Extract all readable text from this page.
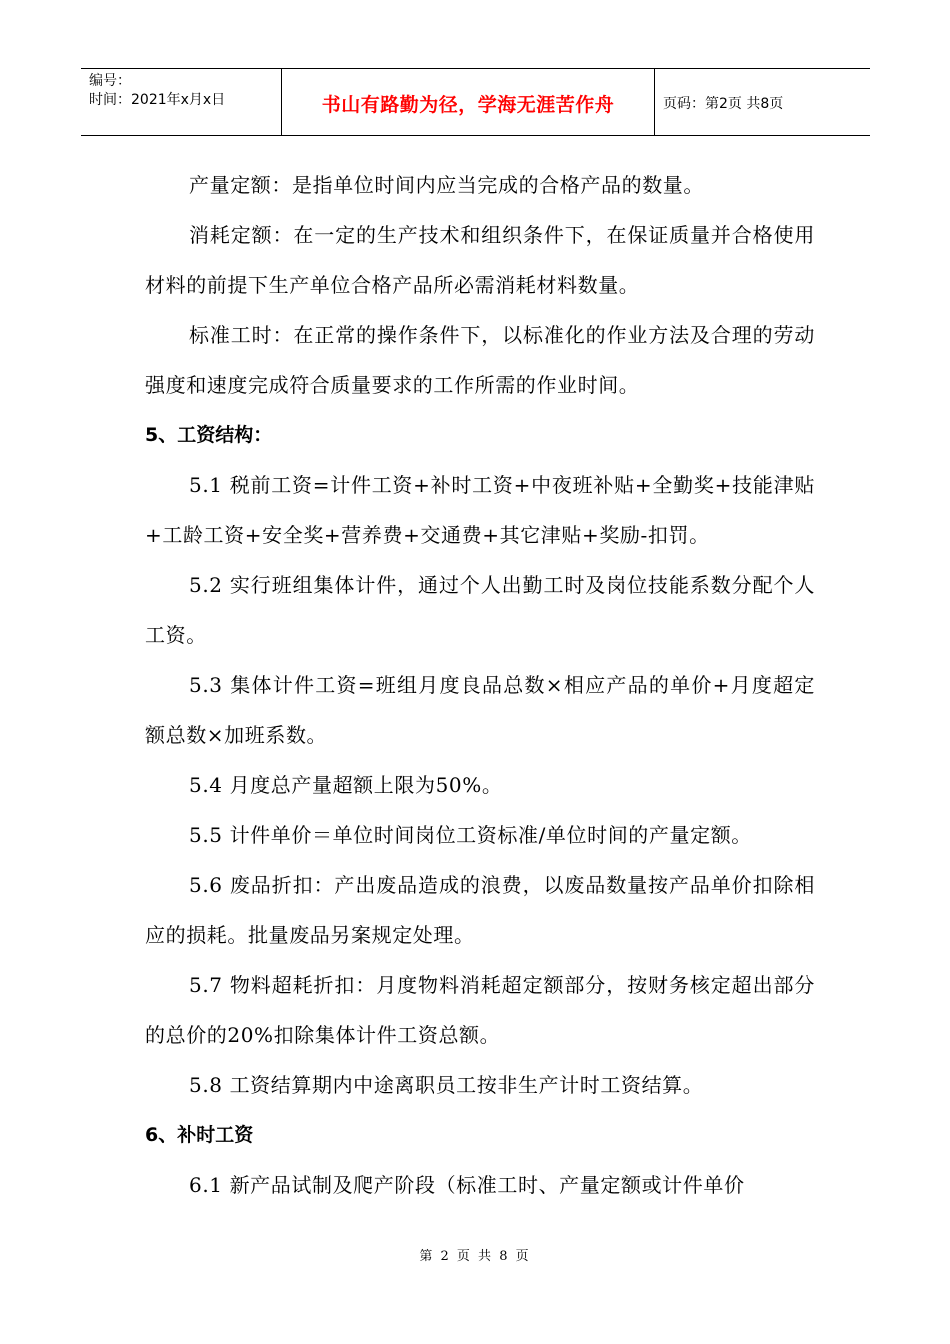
编号：
时间：2021年x月x日	书山有路勤为径，学海无涯苦作舟	页码：第2页 共8页

产量定额：是指单位时间内应当完成的合格产品的数量。

消耗定额：在一定的生产技术和组织条件下，在保证质量并合格使用材料的前提下生产单位合格产品所必需消耗材料数量。

标准工时：在正常的操作条件下，以标准化的作业方法及合理的劳动强度和速度完成符合质量要求的工作所需的作业时间。

5、工资结构：

5.1 税前工资=计件工资+补时工资+中夜班补贴+全勤奖+技能津贴+工龄工资+安全奖+营养费+交通费+其它津贴+奖励-扣罚。

5.2 实行班组集体计件，通过个人出勤工时及岗位技能系数分配个人工资。

5.3 集体计件工资=班组月度良品总数×相应产品的单价+月度超定额总数×加班系数。

5.4 月度总产量超额上限为50%。

5.5 计件单价＝单位时间岗位工资标准/单位时间的产量定额。

5.6 废品折扣：产出废品造成的浪费，以废品数量按产品单价扣除相应的损耗。批量废品另案规定处理。

5.7 物料超耗折扣：月度物料消耗超定额部分，按财务核定超出部分的总价的20%扣除集体计件工资总额。

5.8 工资结算期内中途离职员工按非生产计时工资结算。

6、补时工资

6.1 新产品试制及爬产阶段（标准工时、产量定额或计件单价

第 2 页 共 8 页
